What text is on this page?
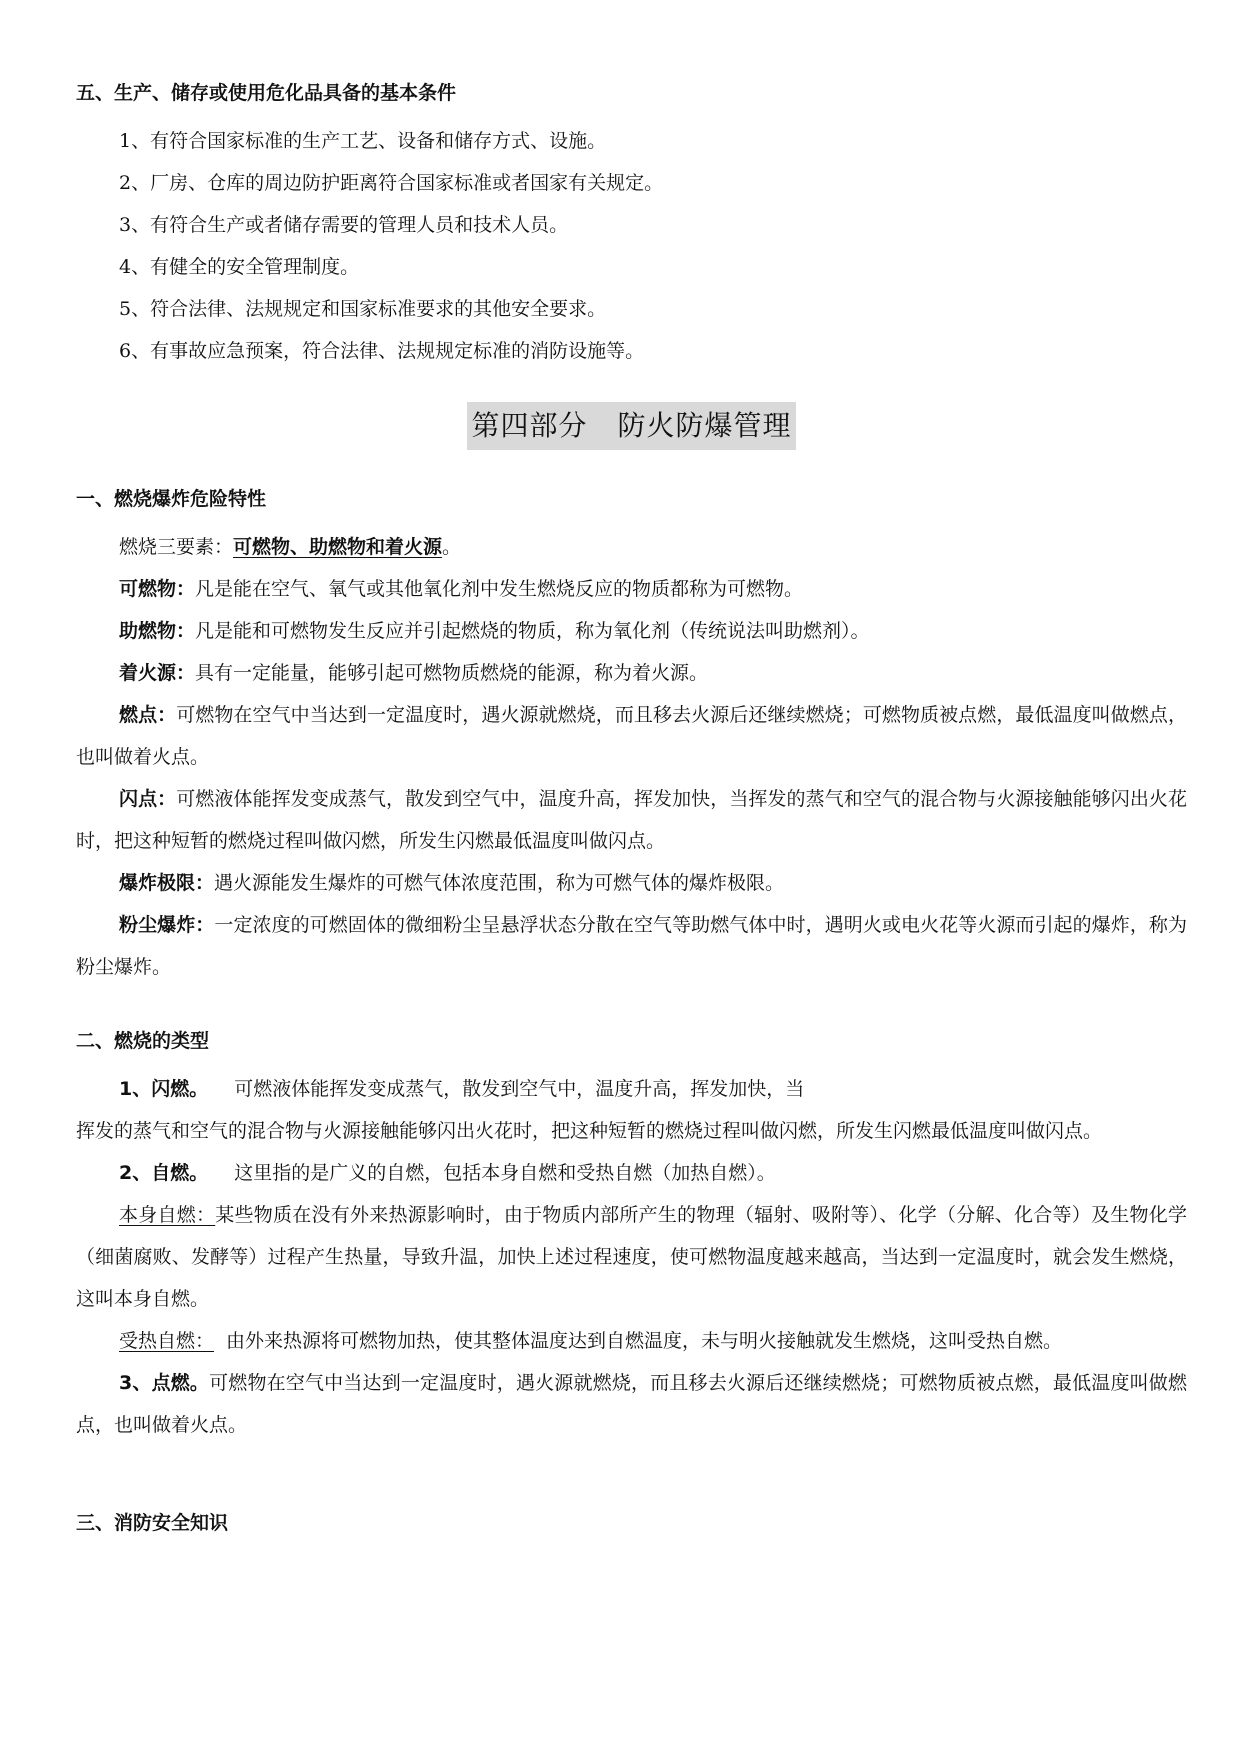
五、生产、储存或使用危化品具备的基本条件
1、有符合国家标准的生产工艺、设备和储存方式、设施。
2、厂房、仓库的周边防护距离符合国家标准或者国家有关规定。
3、有符合生产或者储存需要的管理人员和技术人员。
4、有健全的安全管理制度。
5、符合法律、法规规定和国家标准要求的其他安全要求。
6、有事故应急预案，符合法律、法规规定标准的消防设施等。
第四部分 防火防爆管理
一、燃烧爆炸危险特性

燃烧三要素：可燃物、助燃物和着火源。

可燃物：凡是能在空气、氧气或其他氧化剂中发生燃烧反应的物质都称为可燃物。

助燃物：凡是能和可燃物发生反应并引起燃烧的物质，称为氧化剂（传统说法叫助燃剂）。

着火源：具有一定能量，能够引起可燃物质燃烧的能源，称为着火源。

燃点：可燃物在空气中当达到一定温度时，遇火源就燃烧，而且移去火源后还继续燃烧；可燃物质被点燃，最低温度叫做燃点，也叫做着火点。

闪点：可燃液体能挥发变成蒸气，散发到空气中，温度升高，挥发加快，当挥发的蒸气和空气的混合物与火源接触能够闪出火花时，把这种短暂的燃烧过程叫做闪燃，所发生闪燃最低温度叫做闪点。

爆炸极限：遇火源能发生爆炸的可燃气体浓度范围，称为可燃气体的爆炸极限。

粉尘爆炸：一定浓度的可燃固体的微细粉尘呈悬浮状态分散在空气等助燃气体中时，遇明火或电火花等火源而引起的爆炸，称为粉尘爆炸。

二、燃烧的类型

1、闪燃。 可燃液体能挥发变成蒸气，散发到空气中，温度升高，挥发加快，当

挥发的蒸气和空气的混合物与火源接触能够闪出火花时，把这种短暂的燃烧过程叫做闪燃，所发生闪燃最低温度叫做闪点。

2、自燃。 这里指的是广义的自燃，包括本身自燃和受热自燃（加热自燃）。

本身自燃：某些物质在没有外来热源影响时，由于物质内部所产生的物理（辐射、吸附等）、化学（分解、化合等）及生物化学（细菌腐败、发酵等）过程产生热量，导致升温，加快上述过程速度，使可燃物温度越来越高，当达到一定温度时，就会发生燃烧，这叫本身自燃。

受热自燃： 由外来热源将可燃物加热，使其整体温度达到自燃温度，未与明火接触就发生燃烧，这叫受热自燃。

3、点燃。可燃物在空气中当达到一定温度时，遇火源就燃烧，而且移去火源后还继续燃烧；可燃物质被点燃，最低温度叫做燃点，也叫做着火点。

三、消防安全知识
